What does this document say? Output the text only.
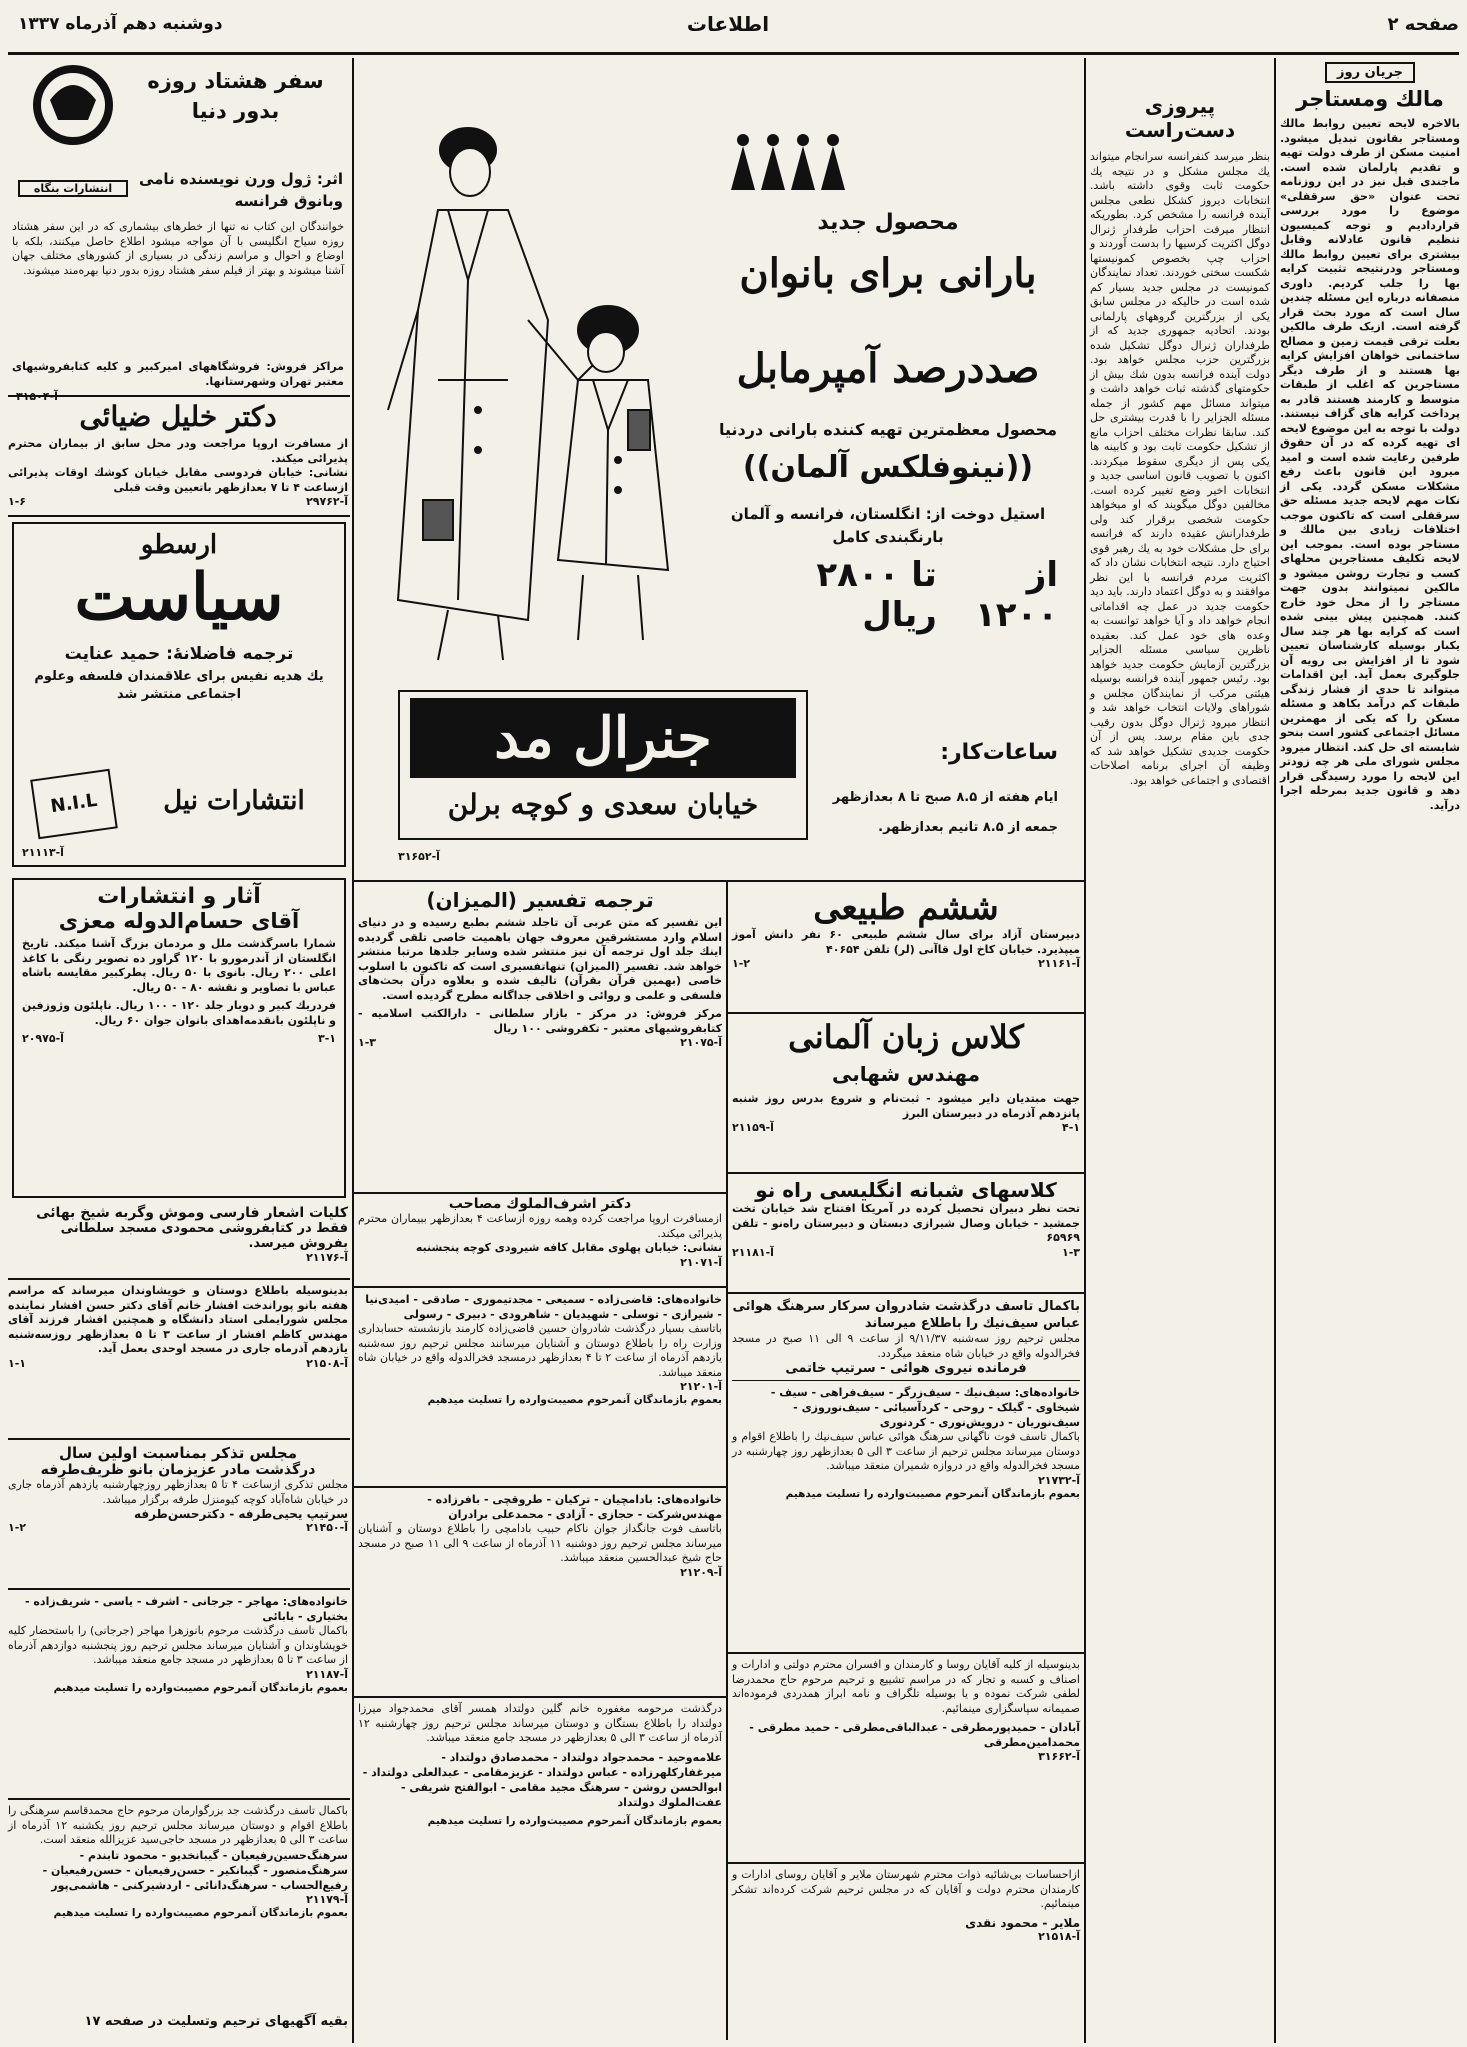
صفحه ۲
اطلاعات
دوشنبه دهم آذرماه ۱۳۳۷
جریان روز
مالك ومستاجر
بالاخره لایحه تعیین روابط مالك ومستاجر بقانون تبدیل میشود. امنیت مسکن از طرف دولت تهیه و تقدیم پارلمان شده است. ماجندی قبل نیز در این روزنامه تحت عنوان «حق سرقفلی» موضوع را مورد بررسی قراردادیم و توجه کمیسیون تنظیم قانون عادلانه وقابل بیشتری برای تعیین روابط مالك ومستاجر ودرنتیجه تثبیت کرایه بها را جلب کردیم. داوری منصفانه درباره این مسئله چندین سال است که مورد بحث قرار گرفته است. ازیک طرف مالکین بعلت ترقی قیمت زمین و مصالح ساختمانی خواهان افزایش کرایه بها هستند و از طرف دیگر مستاجرین که اغلب از طبقات متوسط و کارمند هستند قادر به پرداخت کرایه های گزاف نیستند. دولت با توجه به این موضوع لایحه ای تهیه کرده که در آن حقوق طرفین رعایت شده است و امید میرود این قانون باعث رفع مشکلات مسکن گردد. یکی از نکات مهم لایحه جدید مسئله حق سرقفلی است که تاکنون موجب اختلافات زیادی بین مالك و مستاجر بوده است. بموجب این لایحه تکلیف مستاجرین محلهای کسب و تجارت روشن میشود و مالکین نمیتوانند بدون جهت مستاجر را از محل خود خارج کنند. همچنین پیش بینی شده است که کرایه بها هر چند سال یکبار بوسیله کارشناسان تعیین شود تا از افزایش بی رویه آن جلوگیری بعمل آید. این اقدامات میتواند تا حدی از فشار زندگی طبقات کم درآمد بکاهد و مسئله مسکن را که یکی از مهمترین مسائل اجتماعی کشور است بنحو شایسته ای حل کند. انتظار میرود مجلس شورای ملی هر چه زودتر این لایحه را مورد رسیدگی قرار دهد و قانون جدید بمرحله اجرا درآید.
پیروزی دست‌راست
بنظر میرسد کنفرانسه سرانجام میتواند یك مجلس مشکل و در نتیجه یك حکومت ثابت وقوی داشته باشد. انتخابات دیروز کشکل نطعی مجلس آینده فرانسه را مشخص کرد. بطوریکه انتظار میرفت احزاب طرفدار ژنرال دوگل اکثریت کرسیها را بدست آوردند و احزاب چپ بخصوص کمونیستها شکست سختی خوردند. تعداد نمایندگان کمونیست در مجلس جدید بسیار کم شده است در حالیکه در مجلس سابق یکی از بزرگترین گروههای پارلمانی بودند. اتحادیه جمهوری جدید که از طرفداران ژنرال دوگل تشکیل شده بزرگترین حزب مجلس خواهد بود. دولت آینده فرانسه بدون شك بیش از حکومتهای گذشته ثبات خواهد داشت و میتواند مسائل مهم کشور از جمله مسئله الجزایر را با قدرت بیشتری حل کند. سابقا نظرات مختلف احزاب مانع از تشکیل حکومت ثابت بود و کابینه ها یکی پس از دیگری سقوط میکردند. اکنون با تصویب قانون اساسی جدید و انتخابات اخیر وضع تغییر کرده است. مخالفین دوگل میگویند که او میخواهد حکومت شخصی برقرار کند ولی طرفدارانش عقیده دارند که فرانسه برای حل مشکلات خود به یك رهبر قوی احتیاج دارد. نتیجه انتخابات نشان داد که اکثریت مردم فرانسه با این نظر موافقند و به دوگل اعتماد دارند. باید دید حکومت جدید در عمل چه اقداماتی انجام خواهد داد و آیا خواهد توانست به وعده های خود عمل کند. بعقیده ناظرین سیاسی مسئله الجزایر بزرگترین آزمایش حکومت جدید خواهد بود. رئیس جمهور آینده فرانسه بوسیله هیئتی مرکب از نمایندگان مجلس و شوراهای ولایات انتخاب خواهد شد و انتظار میرود ژنرال دوگل بدون رقیب جدی باین مقام برسد. پس از آن حکومت جدیدی تشکیل خواهد شد که وظیفه آن اجرای برنامه اصلاحات اقتصادی و اجتماعی خواهد بود.
محصول جدید
بارانی برای بانوان
صددرصد آمپرمابل
محصول معظمترین تهیه کننده بارانی دردنیا
((نینوفلکس آلمان))
استیل دوخت از: انگلستان، فرانسه و آلمان
بارنگبندی کامل
از ۱۲۰۰
تا ۲۸۰۰ ریال
جنرال مد
خیابان سعدی و کوچه برلن
ساعات‌کار:
ایام هفته از ۸.۵ صبح تا ۸ بعدازظهر
جمعه از ۸.۵ تانیم بعدازظهر.
آ-۳۱۶۵۲
سفر هشتاد روزه بدور دنیا
انتشارات بنگاه
اثر: ژول ورن نویسنده نامی وبانوق فرانسه
خوانندگان این کتاب نه تنها از خطرهای بیشماری که در این سفر هشتاد روزه سیاح انگلیسی با آن مواجه میشود اطلاع حاصل میکنند، بلکه با اوضاع و احوال و مراسم زندگی در بسیاری از کشورهای مختلف جهان آشنا میشوند و بهتر از فیلم سفر هشتاد روزه بدور دنیا بهره‌مند میشوند.
مراکز فروش: فروشگاههای امیرکبیر و کلیه کتابفروشیهای معتبر تهران وشهرستانها.
دکتر خلیل ضیائی
از مسافرت اروپا مراجعت ودر محل سابق از بیماران محترم پذیرائی میکند.
نشانی: خیابان فردوسی مقابل خیابان کوشك اوقات پذیرائی ازساعت ۴ تا ۷ بعدازظهر باتعیین وقت قبلی
آ-۲۹۷۶۲
۱-۶
ارسطو
سیاست
ترجمه فاضلانهٔ: حمید عنایت
یك هدیه نفیس برای علاقمندان فلسفه وعلوم اجتماعی منتشر شد
N.I.L	انتشارات نیل
آ-۲۱۱۱۳
آثار و انتشارات
آقای حسام‌الدوله معزی
شمارا باسرگذشت ملل و مردمان بزرگ آشنا میکند. تاریخ انگلستان از آندرمورو با ۱۲۰ گراور ده تصویر رنگی با کاغذ اعلی ۲۰۰ ریال. بانوی با ۵۰ ریال. پطرکبیر مقایسه باشاه عباس با تصاویر و نقشه ۸۰ - ۵۰ ریال.
فردریك کبیر و دوبار جلد ۱۲۰ - ۱۰۰ ریال. ناپلئون وژوزفین و ناپلئون بانقدمه‌اهدای بانوان جوان ۶۰ ریال.
۳-۱
آ-۲۰۹۷۵
کلیات اشعار فارسی وموش وگربه شیخ بهائی
فقط در کتابفروشی محمودی مسجد سلطانی بفروش میرسد.
آ-۲۱۱۷۶
بدینوسیله باطلاع دوستان و خویشاوندان میرساند که مراسم هفته بانو پوراندخت افشار خانم آقای دکتر حسن افشار نماینده مجلس شورایملی استاد دانشگاه و همچنین افشار فرزند آقای مهندس کاظم افشار از ساعت ۳ تا ۵ بعدازظهر روزسه‌شنبه یازدهم آذرماه جاری در مسجد اوحدی بعمل آید.
آ-۲۱۵۰۸
۱-۱
مجلس تذکر بمناسبت اولین سال
درگذشت مادر عزیزمان بانو ظریف‌طرفه
مجلس تذکری ازساعت ۴ تا ۵ بعدازظهر روزچهارشنبه یازدهم آذرماه جاری در خیابان شاه‌آباد کوچه کیومنزل طرفه برگزار میباشد.
سرتیپ یحیی‌طرفه - دکترحسن‌طرفه
آ-۲۱۴۵۰
۱-۲
خانواده‌های: مهاجر - جرجانی - اشرف - یاسی - شریف‌زاده - بختیاری - بابائی
باکمال تاسف درگذشت مرحوم بانوزهرا مهاجر (جرجانی) را باستحضار کلیه خویشاوندان و آشنایان میرساند مجلس ترحیم روز پنجشنبه دوازدهم آذرماه از ساعت ۳ تا ۵ بعدازظهر در مسجد جامع منعقد میباشد.
آ-۲۱۱۸۷
بعموم بازماندگان آنمرحوم مصیبت‌وارده را تسلیت میدهیم
باکمال تاسف درگذشت جد بزرگوارمان مرحوم حاج محمدقاسم سرهنگی را باطلاع اقوام و دوستان میرساند مجلس ترحیم روز یکشنبه ۱۲ آذرماه از ساعت ۳ الی ۵ بعدازظهر در مسجد حاجی‌سید عزیزالله منعقد است.
سرهنگ‌حسین‌رفیعیان - گیبانخدیو - محمود تابندم - سرهنگ‌منصور - گیبانکیر - حسن‌رفیعیان - حسن‌رفیعیان - رفیع‌الحساب - سرهنگ‌دانائی - اردشیرکنی - هاشمی‌پور
آ-۲۱۱۷۹
بعموم بازماندگان آنمرحوم مصیبت‌وارده را تسلیت میدهیم
بقیه آگهیهای ترحیم وتسلیت در صفحه ۱۷
ترجمه تفسیر (المیزان)
این تفسیر که متن عربی آن تاجلد ششم بطبع رسیده و در دنیای اسلام وارد مستشرقین معروف جهان باهمیت خاصی تلقی گردیده اینك جلد اول ترجمه آن نیز منتشر شده وسایر جلدها مرتبا منتشر خواهد شد. تفسیر (المیزان) تنهاتفسیری است که تاکنون با اسلوب خاصی (بهمین قرآن بقرآن) تالیف شده و بعلاوه درآن بحث‌های فلسفی و علمی و روائی و اخلاقی جداگانه مطرح گردیده است.
مرکز فروش: در مرکز - بازار سلطانی - دارالکتب اسلامیه - کتابفروشیهای معتبر - تکفروشی ۱۰۰ ریال
آ-۲۱۰۷۵
۱-۳
دکتر اشرف‌الملوك مصاحب
ازمسافرت اروپا مراجعت کرده وهمه روزه ازساعت ۴ بعدازظهر ببیماران محترم پذیرائی میکند.
نشانی: خیابان پهلوی مقابل کافه شیرودی کوچه پنجشنبه
آ-۲۱۰۷۱
خانواده‌های: قاضی‌زاده - سمیعی - مجدتیموری - صادقی - امیدی‌نیا - شیرازی - توسلی - شهیدیان - شاهرودی - دبیری - رسولی
باتاسف بسیار درگذشت شادروان حسین قاضی‌زاده کارمند بازنشسته حسابداری وزارت راه را باطلاع دوستان و آشنایان میرسانند مجلس ترحیم روز سه‌شنبه یازدهم آذرماه از ساعت ۲ تا ۴ بعدازظهر درمسجد فخرالدوله واقع در خیابان شاه منعقد میباشد.
آ-۲۱۲۰۱
بعموم بازماندگان آنمرحوم مصیبت‌وارده را تسلیت میدهیم
خانواده‌های: بادامچیان - ترکیان - طروقچی - بافرزاده - مهندس‌شرکت - حجازی - آزادی - محمدعلی برادران
باتاسف فوت جانگداز جوان ناکام حبیب بادامچی را باطلاع دوستان و آشنایان میرساند مجلس ترحیم روز دوشنبه ۱۱ آذرماه از ساعت ۹ الی ۱۱ صبح در مسجد حاج شیخ عبدالحسین منعقد میباشد.
آ-۲۱۲۰۹
درگذشت مرحومه مغفوره خانم گلین دولتداد همسر آقای محمدجواد میرزا دولتداد را باطلاع بستگان و دوستان میرساند مجلس ترحیم روز چهارشنبه ۱۲ آذرماه از ساعت ۳ الی ۵ بعدازظهر در مسجد جامع منعقد میباشد.
علامه‌وحید - محمدجواد دولتداد - محمدصادق دولتداد - میرغفارکلهرزاده - عباس دولتداد - عزیزمقامی - عبدالعلی دولتداد - ابوالحسن روشن - سرهنگ مجید مقامی - ابوالفتح شریفی - عفت‌الملوك دولتداد
بعموم بازماندگان آنمرحوم مصیبت‌وارده را تسلیت میدهیم
ششم طبیعی
دبیرستان آزاد برای سال ششم طبیعی ۶۰ نفر دانش آموز میپذیرد. خیابان کاخ اول قاآنی (لر) تلفن ۴۰۶۵۴
آ-۲۱۱۶۱
۱-۲
کلاس زبان آلمانی
مهندس شهابی
جهت مبتدیان دایر میشود - ثبت‌نام و شروع بدرس روز شنبه پانزدهم آذرماه در دبیرستان البرز
۴-۱
آ-۲۱۱۵۹
کلاسهای شبانه انگلیسی راه نو
تحت نظر دبیران تحصیل کرده در آمریکا افتتاح شد خیابان تخت جمشید - خیابان وصال شیرازی دبستان و دبیرستان راه‌نو - تلفن ۶۵۹۶۹
۱-۳
آ-۲۱۱۸۱
باکمال تاسف درگذشت شادروان سرکار سرهنگ هوائی عباس سیف‌نیك را باطلاع میرساند
مجلس ترحیم روز سه‌شنبه ۹/۱۱/۳۷ از ساعت ۹ الی ۱۱ صبح در مسجد فخرالدوله واقع در خیابان شاه منعقد میگردد.
فرمانده نیروی هوائی - سرتیپ خاتمی
خانواده‌های: سیف‌نیك - سیف‌زرگر - سیف‌فراهی - سیف - شیخاوی - گیلک - روحی - کردآسیائی - سیف‌نوروزی - سیف‌نوریان - درویش‌نوری - کردنوری
باکمال تاسف فوت ناگهانی سرهنگ هوائی عباس سیف‌نیك را باطلاع اقوام و دوستان میرساند مجلس ترحیم از ساعت ۳ الی ۵ بعدازظهر روز چهارشنبه در مسجد فخرالدوله واقع در دروازه شمیران منعقد میباشد.
آ-۲۱۷۳۲
بعموم بازماندگان آنمرحوم مصیبت‌وارده را تسلیت میدهیم
بدینوسیله از کلیه آقایان روسا و کارمندان و افسران محترم دولتی و ادارات و اصناف و کسبه و تجار که در مراسم تشییع و ترحیم مرحوم حاج محمدرضا لطفی شرکت نموده و یا بوسیله تلگراف و نامه ابراز همدردی فرموده‌اند صمیمانه سپاسگزاری مینمائیم.
آبادان - حمیدپورمطرقی - عبدالباقی‌مطرقی - حمید مطرقی - محمدامین‌مطرقی
آ-۳۱۶۶۲
ازاحساسات بی‌شائبه ذوات محترم شهرستان ملایر و آقایان روسای ادارات و کارمندان محترم دولت و آقایان که در مجلس ترحیم شرکت کرده‌اند تشکر مینمائیم.
ملایر - محمود نقدی
آ-۲۱۵۱۸
